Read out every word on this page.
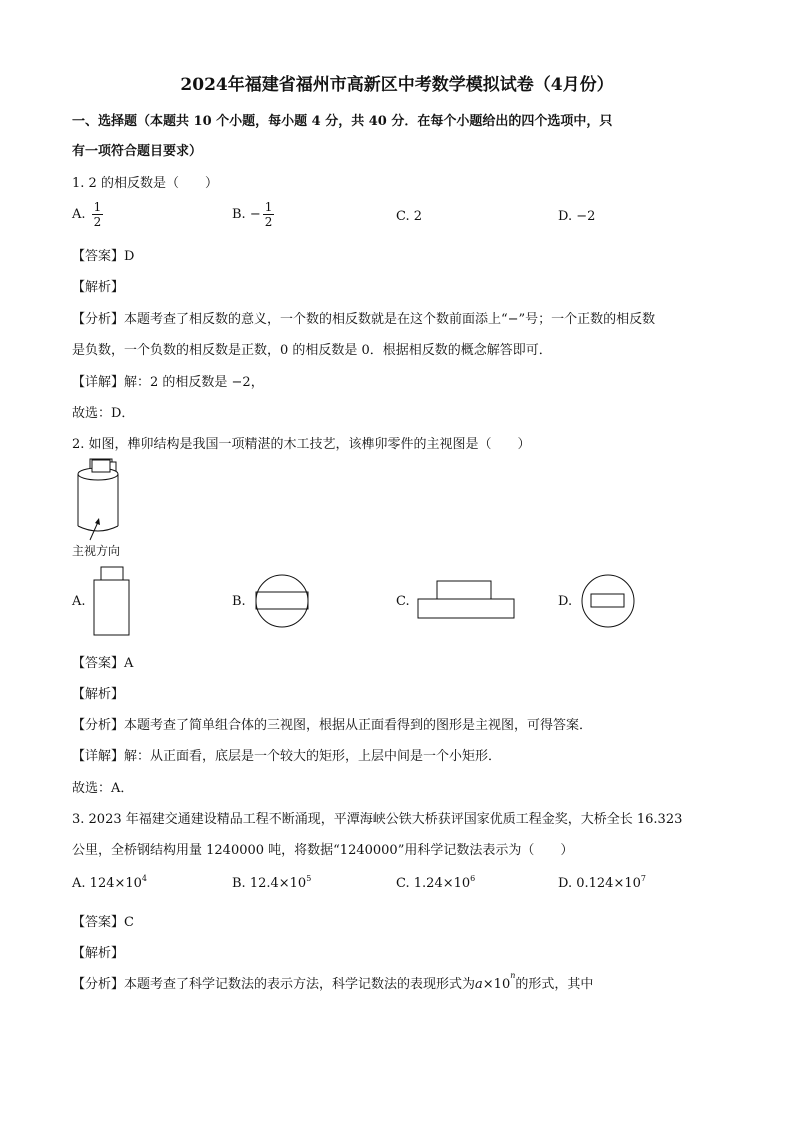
2024年福建省福州市高新区中考数学模拟试卷（4月份）
一、选择题（本题共 10 个小题，每小题 4 分，共 40 分．在每个小题给出的四个选项中，只
有一项符合题目要求）
1. 2 的相反数是（　　）
A. $\frac{1}{2}$	B. − $\frac{1}{2}$	C. 2	D. −2
【答案】D
【解析】
【分析】本题考查了相反数的意义，一个数的相反数就是在这个数前面添上“−”号；一个正数的相反数
是负数，一个负数的相反数是正数，0 的相反数是 0．根据相反数的概念解答即可．
【详解】解：2 的相反数是 −2，
故选：D．
2. 如图，榫卯结构是我国一项精湛的木工技艺，该榫卯零件的主视图是（　　）
主视方向
A.	B.	C.	D.
【答案】A
【解析】
【分析】本题考查了简单组合体的三视图，根据从正面看得到的图形是主视图，可得答案．
【详解】解：从正面看，底层是一个较大的矩形，上层中间是一个小矩形．
故选：A．
3. 2023 年福建交通建设精品工程不断涌现，平潭海峡公铁大桥获评国家优质工程金奖，大桥全长 16.323
公里，全桥钢结构用量 1240000 吨，将数据“1240000”用科学记数法表示为（　　）
A. $124\times 10^4$	B. $12.4\times 10^5$	C. $1.24\times 10^6$	D. $0.124\times 10^7$
【答案】C
【解析】
【分析】本题考查了科学记数法的表示方法，科学记数法的表现形式为$a\times 10^n$的形式，其中
